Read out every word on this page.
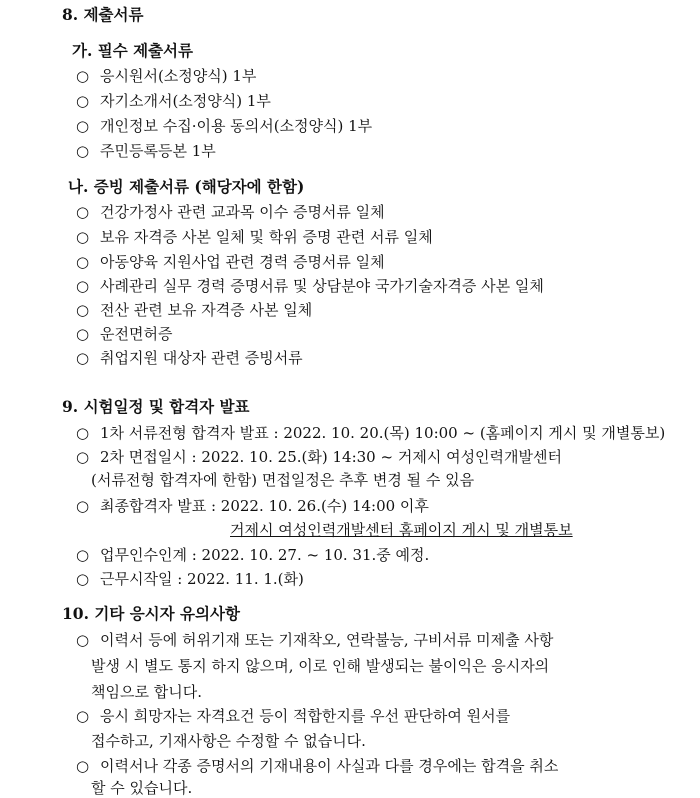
8. 제출서류
가. 필수 제출서류
○ 응시원서(소정양식) 1부
○ 자기소개서(소정양식) 1부
○ 개인정보 수집·이용 동의서(소정양식) 1부
○ 주민등록등본 1부
나. 증빙 제출서류 (해당자에 한함)
○ 건강가정사 관련 교과목 이수 증명서류 일체
○ 보유 자격증 사본 일체 및 학위 증명 관련 서류 일체
○ 아동양육 지원사업 관련 경력 증명서류 일체
○ 사례관리 실무 경력 증명서류 및 상담분야 국가기술자격증 사본 일체
○ 전산 관련 보유 자격증 사본 일체
○ 운전면허증
○ 취업지원 대상자 관련 증빙서류
9. 시험일정 및 합격자 발표
○ 1차 서류전형 합격자 발표 : 2022. 10. 20.(목) 10:00 ~ (홈페이지 게시 및 개별통보)
○ 2차 면접일시 : 2022. 10. 25.(화) 14:30 ~ 거제시 여성인력개발센터
(서류전형 합격자에 한함) 면접일정은 추후 변경 될 수 있음
○ 최종합격자 발표 : 2022. 10. 26.(수) 14:00 이후
거제시 여성인력개발센터 홈페이지 게시 및 개별통보
○ 업무인수인계 : 2022. 10. 27. ~ 10. 31.중 예정.
○ 근무시작일 : 2022. 11. 1.(화)
10. 기타 응시자 유의사항
○ 이력서 등에 허위기재 또는 기재착오, 연락불능, 구비서류 미제출 사항
발생 시 별도 통지 하지 않으며, 이로 인해 발생되는 불이익은 응시자의
책임으로 합니다.
○ 응시 희망자는 자격요건 등이 적합한지를 우선 판단하여 원서를
접수하고, 기재사항은 수정할 수 없습니다.
○ 이력서나 각종 증명서의 기재내용이 사실과 다를 경우에는 합격을 취소
할 수 있습니다.
